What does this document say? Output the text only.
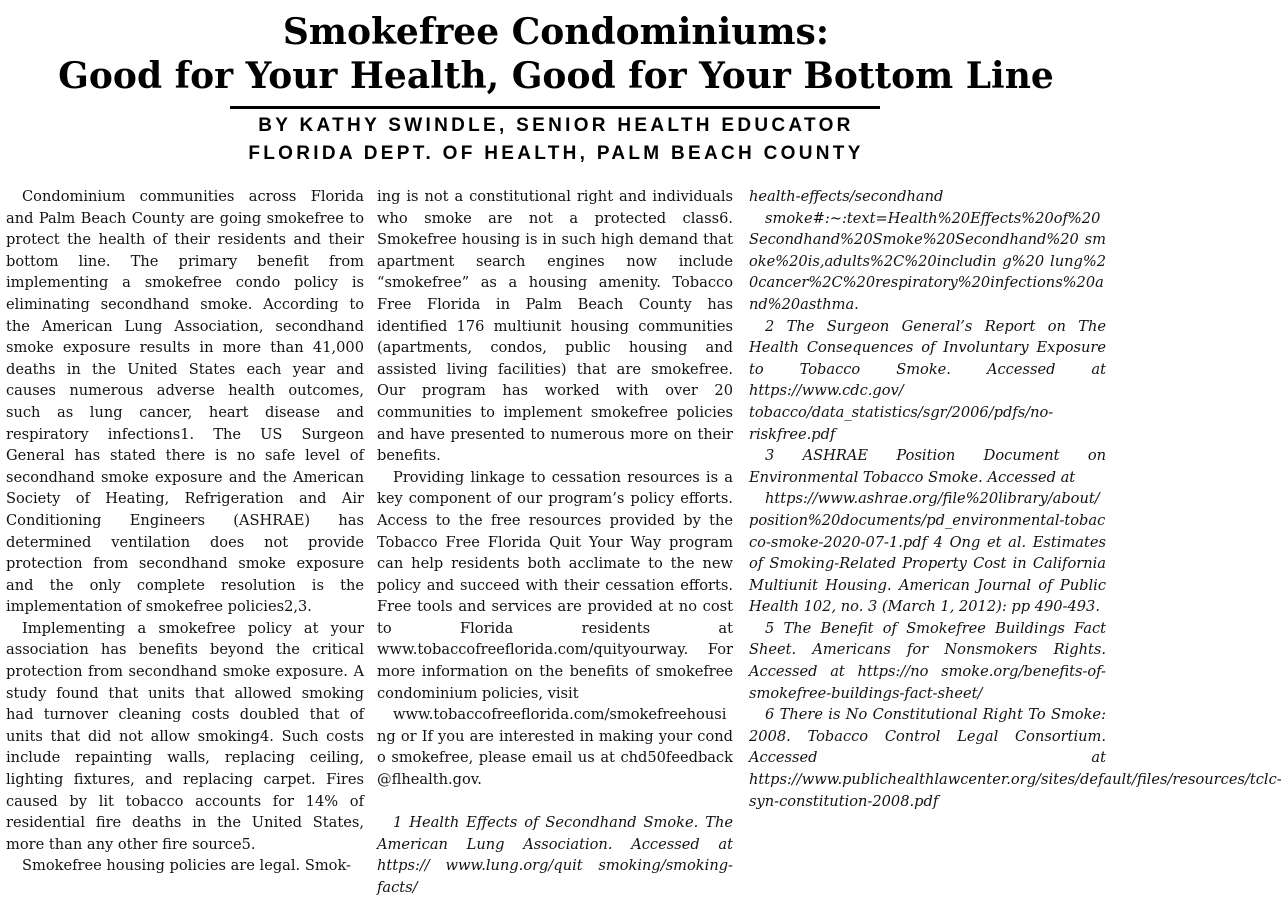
Smokefree Condominiums:
Good for Your Health, Good for Your Bottom Line
BY KATHY SWINDLE, SENIOR HEALTH EDUCATOR
FLORIDA DEPT. OF HEALTH, PALM BEACH COUNTY

Condominium communities across Florida and Palm Beach County are going smokefree to protect the health of their residents and their bottom line. The primary benefit from implementing a smokefree condo policy is eliminating secondhand smoke. According to the American Lung Association, secondhand smoke exposure results in more than 41,000 deaths in the United States each year and causes numerous adverse health outcomes, such as lung cancer, heart disease and respiratory infections1. The US Surgeon General has stated there is no safe level of secondhand smoke exposure and the American Society of Heating, Refrigeration and Air Conditioning Engineers (ASHRAE) has determined ventilation does not provide protection from secondhand smoke exposure and the only complete resolution is the implementation of smokefree policies2,3.

Implementing a smokefree policy at your association has benefits beyond the critical protection from secondhand smoke exposure. A study found that units that allowed smoking had turnover cleaning costs doubled that of units that did not allow smoking4. Such costs include repainting walls, replacing ceiling, lighting fixtures, and replacing carpet. Fires caused by lit tobacco accounts for 14% of residential fire deaths in the United States, more than any other fire source5.

Smokefree housing policies are legal. Smok-

ing is not a constitutional right and individuals who smoke are not a protected class6. Smokefree housing is in such high demand that apartment search engines now include “smokefree” as a housing amenity. Tobacco Free Florida in Palm Beach County has identified 176 multiunit housing communities (apartments, condos, public housing and assisted living facilities) that are smokefree. Our program has worked with over 20 communities to implement smokefree policies and have presented to numerous more on their benefits.

Providing linkage to cessation resources is a key component of our program’s policy efforts. Access to the free resources provided by the Tobacco Free Florida Quit Your Way program can help residents both acclimate to the new policy and succeed with their cessation efforts. Free tools and services are provided at no cost to Florida residents at www.tobaccofreeflorida.com/quityourway. For more information on the benefits of smokefree condominium policies, visit

www.tobaccofreeflorida.com/smokefreehousing or If you are interested in making your condo smokefree, please email us at chd50feedback@flhealth.gov.

1 Health Effects of Secondhand Smoke. The American Lung Association. Accessed at https:// www.lung.org/quit smoking/smoking-facts/

health-effects/secondhand

smoke#:~:text=Health%20Effects%20of%20 Secondhand%20Smoke%20Secondhand%20 smoke%20is,adults%2C%20includin g%20 lung%20cancer%2C%20respiratory%20infections%20and%20asthma.

2 The Surgeon General’s Report on The Health Consequences of Involuntary Exposure to Tobacco Smoke. Accessed at https://www.cdc.gov/ tobacco/data_statistics/sgr/2006/pdfs/no-riskfree.pdf

3 ASHRAE Position Document on Environmental Tobacco Smoke. Accessed at

https://www.ashrae.org/file%20library/about/ position%20documents/pd_environmental-tobacco-smoke-2020-07-1.pdf 4 Ong et al. Estimates of Smoking-Related Property Cost in California Multiunit Housing. American Journal of Public Health 102, no. 3 (March 1, 2012): pp 490-493.

5 The Benefit of Smokefree Buildings Fact Sheet. Americans for Nonsmokers Rights. Accessed at https://no smoke.org/benefits-of-smokefree-buildings-fact-sheet/

6 There is No Constitutional Right To Smoke: 2008. Tobacco Control Legal Consortium. Accessed at https://www.publichealthlawcenter.org/sites/default/files/resources/tclc-syn-constitution-2008.pdf
